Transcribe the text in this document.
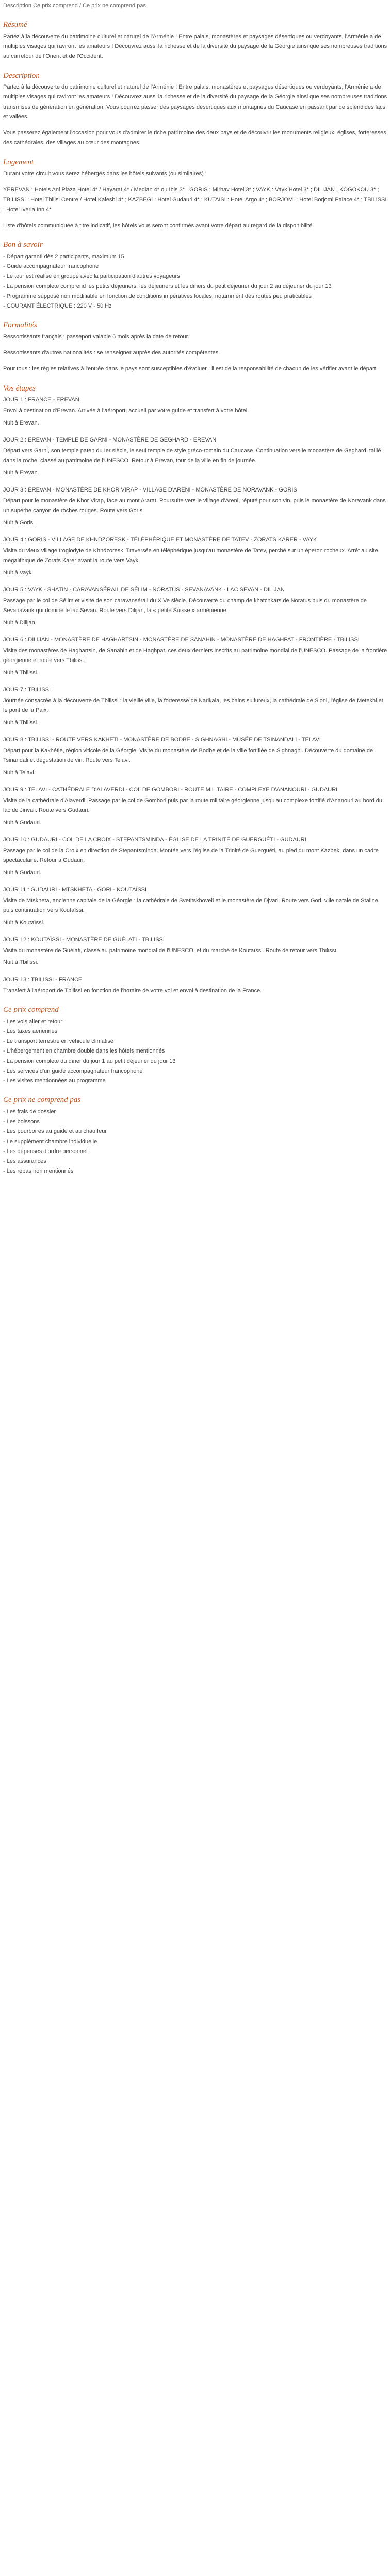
Description Ce prix comprend / Ce prix ne comprend pas
Résumé

Partez à la découverte du patrimoine culturel et naturel de l'Arménie ! Entre palais, monastères et paysages désertiques ou verdoyants, l'Arménie a de multiples visages qui raviront les amateurs ! Découvrez aussi la richesse et de la diversité du paysage de la Géorgie ainsi que ses nombreuses traditions au carrefour de l'Orient et de l'Occident.

Description

Partez à la découverte du patrimoine culturel et naturel de l'Arménie ! Entre palais, monastères et paysages désertiques ou verdoyants, l'Arménie a de multiples visages qui raviront les amateurs ! Découvrez aussi la richesse et de la diversité du paysage de la Géorgie ainsi que ses nombreuses traditions transmises de génération en génération. Vous pourrez passer des paysages désertiques aux montagnes du Caucase en passant par de splendides lacs et vallées.

Vous passerez également l'occasion pour vous d'admirer le riche patrimoine des deux pays et de découvrir les monuments religieux, églises, forteresses, des cathédrales, des villages au cœur des montagnes.

Logement

Durant votre circuit vous serez hébergés dans les hôtels suivants (ou similaires) :

YEREVAN : Hotels Ani Plaza Hotel 4* / Hayarat 4* / Median 4* ou Ibis 3* ; GORIS : Mirhav Hotel 3* ; VAYK : Vayk Hotel 3* ; DILIJAN : KOGOKOU 3* ; TBILISSI : Hotel Tbilisi Centre / Hotel Kaleshi 4* ; KAZBEGI : Hotel Gudauri 4* ; KUTAISI : Hotel Argo 4* ; BORJOMI : Hotel Borjomi Palace 4* ; TBILISSI : Hotel Iveria Inn 4*

Liste d'hôtels communiquée à titre indicatif, les hôtels vous seront confirmés avant votre départ au regard de la disponibilité.

Bon à savoir
- Départ garanti dès 2 participants, maximum 15
- Guide accompagnateur francophone
- Le tour est réalisé en groupe avec la participation d'autres voyageurs
- La pension complète comprend les petits déjeuners, les déjeuners et les dîners du petit déjeuner du jour 2 au déjeuner du jour 13
- Programme supposé non modifiable en fonction de conditions impératives locales, notamment des routes peu praticables
- COURANT ÉLECTRIQUE : 220 V - 50 Hz
Formalités

Ressortissants français : passeport valable 6 mois après la date de retour.

Ressortissants d'autres nationalités : se renseigner auprès des autorités compétentes.

Pour tous : les règles relatives à l'entrée dans le pays sont susceptibles d'évoluer ; il est de la responsabilité de chacun de les vérifier avant le départ.

Vos étapes
JOUR 1 : FRANCE - EREVAN

Envol à destination d'Erevan. Arrivée à l'aéroport, accueil par votre guide et transfert à votre hôtel.

Nuit à Erevan.

JOUR 2 : EREVAN - TEMPLE DE GARNI - MONASTÈRE DE GEGHARD - EREVAN

Départ vers Garni, son temple païen du Ier siècle, le seul temple de style gréco-romain du Caucase. Continuation vers le monastère de Geghard, taillé dans la roche, classé au patrimoine de l'UNESCO. Retour à Erevan, tour de la ville en fin de journée.

Nuit à Erevan.

JOUR 3 : EREVAN - MONASTÈRE DE KHOR VIRAP - VILLAGE D'ARENI - MONASTÈRE DE NORAVANK - GORIS

Départ pour le monastère de Khor Virap, face au mont Ararat. Poursuite vers le village d'Areni, réputé pour son vin, puis le monastère de Noravank dans un superbe canyon de roches rouges. Route vers Goris.

Nuit à Goris.

JOUR 4 : GORIS - VILLAGE DE KHNDZORESK - TÉLÉPHÉRIQUE ET MONASTÈRE DE TATEV - ZORATS KARER - VAYK

Visite du vieux village troglodyte de Khndzoresk. Traversée en téléphérique jusqu'au monastère de Tatev, perché sur un éperon rocheux. Arrêt au site mégalithique de Zorats Karer avant la route vers Vayk.

Nuit à Vayk.

JOUR 5 : VAYK - SHATIN - CARAVANSÉRAIL DE SÉLIM - NORATUS - SEVANAVANK - LAC SEVAN - DILIJAN

Passage par le col de Sélim et visite de son caravansérail du XIVe siècle. Découverte du champ de khatchkars de Noratus puis du monastère de Sevanavank qui domine le lac Sevan. Route vers Dilijan, la « petite Suisse » arménienne.

Nuit à Dilijan.

JOUR 6 : DILIJAN - MONASTÈRE DE HAGHARTSIN - MONASTÈRE DE SANAHIN - MONASTÈRE DE HAGHPAT - FRONTIÈRE - TBILISSI

Visite des monastères de Haghartsin, de Sanahin et de Haghpat, ces deux derniers inscrits au patrimoine mondial de l'UNESCO. Passage de la frontière géorgienne et route vers Tbilissi.

Nuit à Tbilissi.

JOUR 7 : TBILISSI

Journée consacrée à la découverte de Tbilissi : la vieille ville, la forteresse de Narikala, les bains sulfureux, la cathédrale de Sioni, l'église de Metekhi et le pont de la Paix.

Nuit à Tbilissi.

JOUR 8 : TBILISSI - ROUTE VERS KAKHETI - MONASTÈRE DE BODBE - SIGHNAGHI - MUSÉE DE TSINANDALI - TELAVI

Départ pour la Kakhétie, région viticole de la Géorgie. Visite du monastère de Bodbe et de la ville fortifiée de Sighnaghi. Découverte du domaine de Tsinandali et dégustation de vin. Route vers Telavi.

Nuit à Telavi.

JOUR 9 : TELAVI - CATHÉDRALE D'ALAVERDI - COL DE GOMBORI - ROUTE MILITAIRE - COMPLEXE D'ANANOURI - GUDAURI

Visite de la cathédrale d'Alaverdi. Passage par le col de Gombori puis par la route militaire géorgienne jusqu'au complexe fortifié d'Ananouri au bord du lac de Jinvali. Route vers Gudauri.

Nuit à Gudauri.

JOUR 10 : GUDAURI - COL DE LA CROIX - STEPANTSMINDA - ÉGLISE DE LA TRINITÉ DE GUERGUÉTI - GUDAURI

Passage par le col de la Croix en direction de Stepantsminda. Montée vers l'église de la Trinité de Guerguéti, au pied du mont Kazbek, dans un cadre spectaculaire. Retour à Gudauri.

Nuit à Gudauri.

JOUR 11 : GUDAURI - MTSKHETA - GORI - KOUTAÏSSI

Visite de Mtskheta, ancienne capitale de la Géorgie : la cathédrale de Svetitskhoveli et le monastère de Djvari. Route vers Gori, ville natale de Staline, puis continuation vers Koutaïssi.

Nuit à Koutaïssi.

JOUR 12 : KOUTAÏSSI - MONASTÈRE DE GUÉLATI - TBILISSI

Visite du monastère de Guélati, classé au patrimoine mondial de l'UNESCO, et du marché de Koutaïssi. Route de retour vers Tbilissi.

Nuit à Tbilissi.

JOUR 13 : TBILISSI - FRANCE

Transfert à l'aéroport de Tbilissi en fonction de l'horaire de votre vol et envol à destination de la France.

Ce prix comprend
- Les vols aller et retour
- Les taxes aériennes
- Le transport terrestre en véhicule climatisé
- L'hébergement en chambre double dans les hôtels mentionnés
- La pension complète du dîner du jour 1 au petit déjeuner du jour 13
- Les services d'un guide accompagnateur francophone
- Les visites mentionnées au programme
Ce prix ne comprend pas
- Les frais de dossier
- Les boissons
- Les pourboires au guide et au chauffeur
- Le supplément chambre individuelle
- Les dépenses d'ordre personnel
- Les assurances
- Les repas non mentionnés
